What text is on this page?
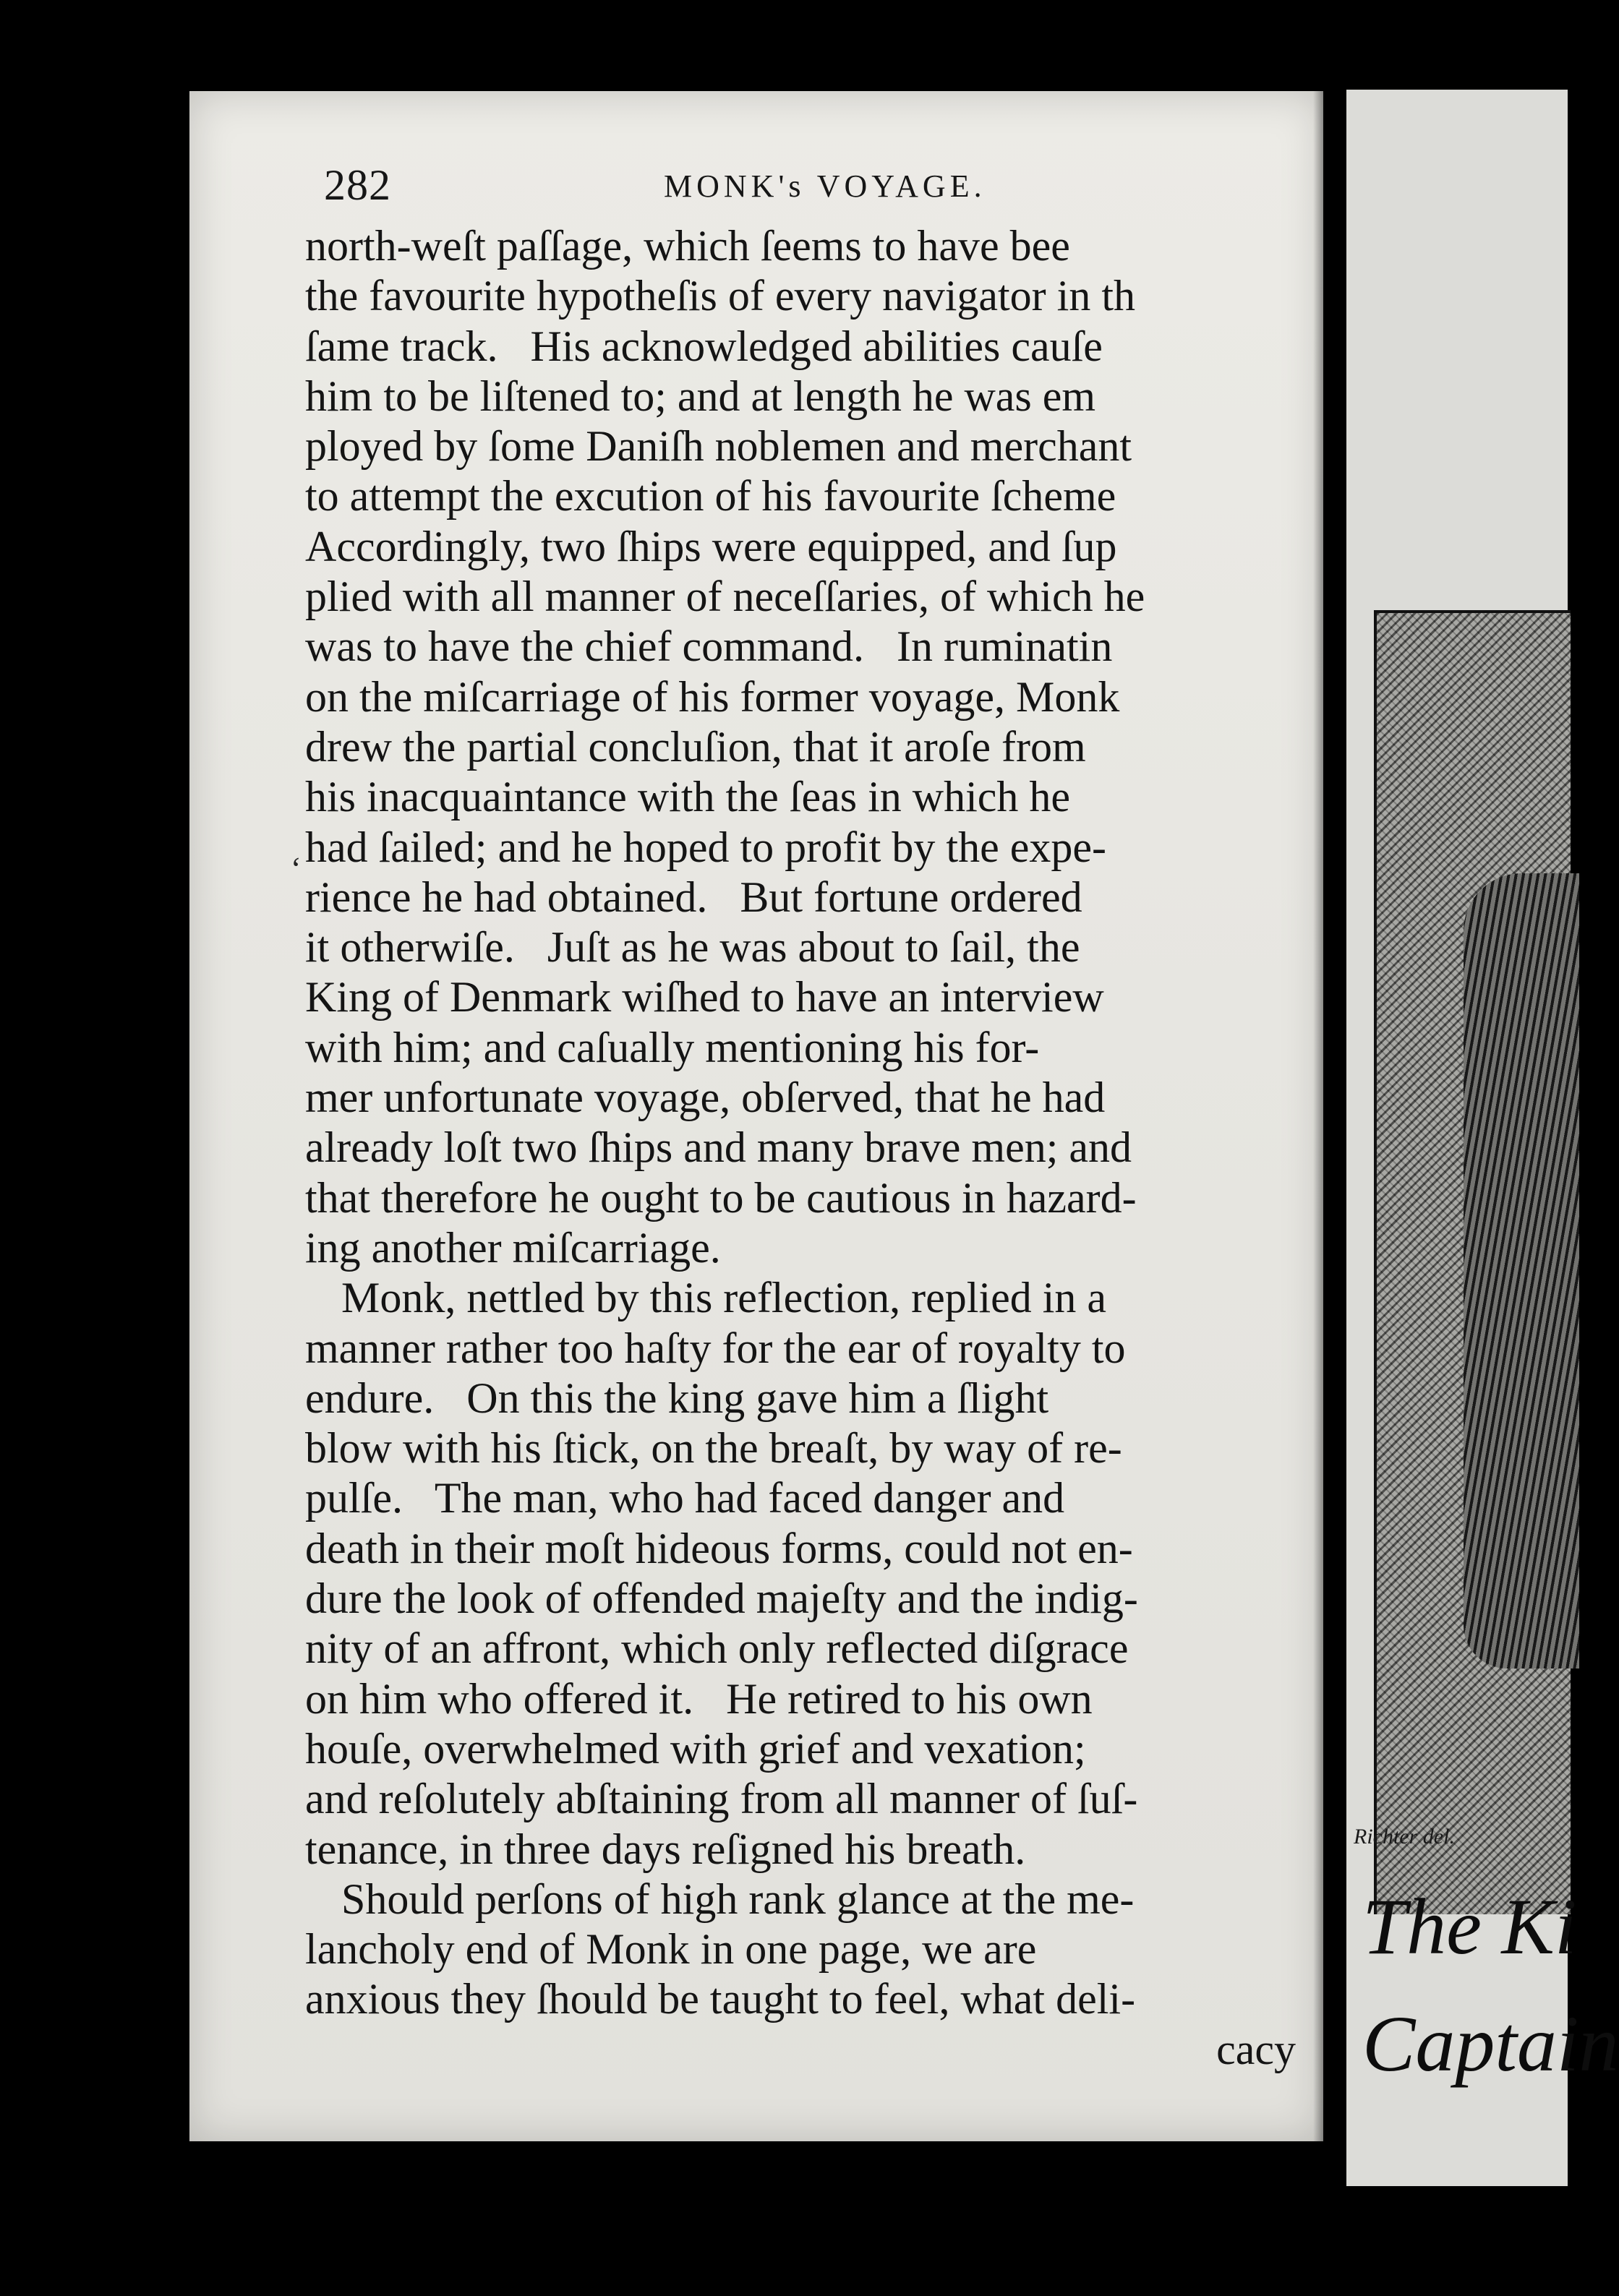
282	MONK's VOYAGE.
‘
north-weſt paſſage, which ſeems to have bee
the favourite hypotheſis of every navigator in th
ſame track.   His acknowledged abilities cauſe
him to be liſtened to; and at length he was em
ployed by ſome Daniſh noblemen and merchant
to attempt the excution of his favourite ſcheme
Accordingly, two ſhips were equipped, and ſup
plied with all manner of neceſſaries, of which he
was to have the chief command.   In ruminatin
on the miſcarriage of his former voyage, Monk
drew the partial concluſion, that it aroſe from
his inacquaintance with the ſeas in which he
had ſailed; and he hoped to profit by the expe-
rience he had obtained.   But fortune ordered
it otherwiſe.   Juſt as he was about to ſail, the
King of Denmark wiſhed to have an interview
with him; and caſually mentioning his for-
mer unfortunate voyage, obſerved, that he had
already loſt two ſhips and many brave men; and
that therefore he ought to be cautious in hazard-
ing another miſcarriage.
Monk, nettled by this reflection, replied in a
manner rather too haſty for the ear of royalty to
endure.   On this the king gave him a ſlight
blow with his ſtick, on the breaſt, by way of re-
pulſe.   The man, who had faced danger and
death in their moſt hideous forms, could not en-
dure the look of offended majeſty and the indig-
nity of an affront, which only reflected diſgrace
on him who offered it.   He retired to his own
houſe, overwhelmed with grief and vexation;
and reſolutely abſtaining from all manner of ſuſ-
tenance, in three days reſigned his breath.
Should perſons of high rank glance at the me-
lancholy end of Monk in one page, we are
anxious they ſhould be taught to feel, what deli-
cacy
Richter del.
The Ki
Captain
